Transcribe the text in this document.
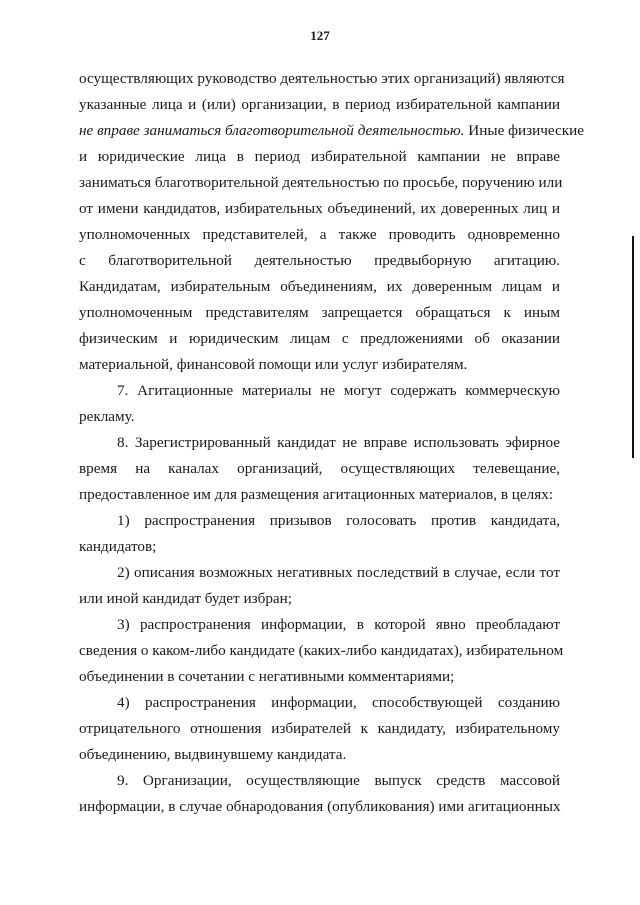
127
осуществляющих руководство деятельностью этих организаций) являются
указанные лица и (или) организации, в период избирательной кампании
не вправе заниматься благотворительной деятельностью. Иные физические
и юридические лица в период избирательной кампании не вправе
заниматься благотворительной деятельностью по просьбе, поручению или
от имени кандидатов, избирательных объединений, их доверенных лиц и
уполномоченных представителей, а также проводить одновременно
с благотворительной деятельностью предвыборную агитацию.
Кандидатам, избирательным объединениям, их доверенным лицам и
уполномоченным представителям запрещается обращаться к иным
физическим и юридическим лицам с предложениями об оказании
материальной, финансовой помощи или услуг избирателям.
7. Агитационные материалы не могут содержать коммерческую
рекламу.
8. Зарегистрированный кандидат не вправе использовать эфирное
время на каналах организаций, осуществляющих телевещание,
предоставленное им для размещения агитационных материалов, в целях:
1) распространения призывов голосовать против кандидата,
кандидатов;
2) описания возможных негативных последствий в случае, если тот
или иной кандидат будет избран;
3) распространения информации, в которой явно преобладают
сведения о каком-либо кандидате (каких-либо кандидатах), избирательном
объединении в сочетании с негативными комментариями;
4) распространения информации, способствующей созданию
отрицательного отношения избирателей к кандидату, избирательному
объединению, выдвинувшему кандидата.
9. Организации, осуществляющие выпуск средств массовой
информации, в случае обнародования (опубликования) ими агитационных
